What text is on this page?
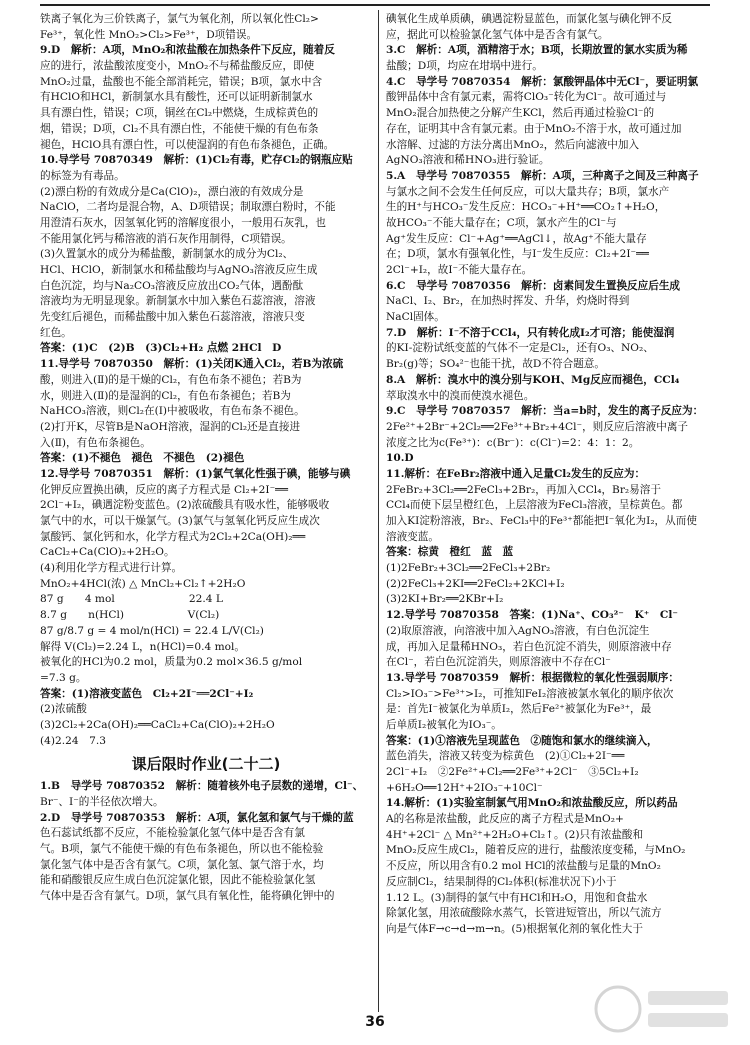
铁离子氧化为三价铁离子，氯气为氧化剂，所以氧化性Cl₂>
Fe³⁺，氧化性 MnO₂>Cl₂>Fe³⁺，D项错误。
9.D　解析：A项，MnO₂和浓盐酸在加热条件下反应，随着反
应的进行，浓盐酸浓度变小，MnO₂不与稀盐酸反应，即使
MnO₂过量，盐酸也不能全部消耗完，错误；B项，氯水中含
有HClO和HCl，新制氯水具有酸性，还可以证明新制氯水
具有漂白性，错误；C项，铜丝在Cl₂中燃烧，生成棕黄色的
烟，错误；D项，Cl₂不具有漂白性，不能使干燥的有色布条
褪色，HClO具有漂白性，可以使湿润的有色布条褪色，正确。
10.导学号 70870349　解析：(1)Cl₂有毒，贮存Cl₂的钢瓶应贴
的标签为有毒品。
(2)漂白粉的有效成分是Ca(ClO)₂，漂白液的有效成分是
NaClO，二者均是混合物，A、D项错误；制取漂白粉时，不能
用澄清石灰水，因氢氧化钙的溶解度很小，一般用石灰乳，也
不能用氯化钙与稀溶液的消石灰作用制得，C项错误。
(3)久置氯水的成分为稀盐酸，新制氯水的成分为Cl₂、
HCl、HClO，新制氯水和稀盐酸均与AgNO₃溶液反应生成
白色沉淀，均与Na₂CO₃溶液反应放出CO₂气体，遇酚酞
溶液均为无明显现象。新制氯水中加入紫色石蕊溶液，溶液
先变红后褪色，而稀盐酸中加入紫色石蕊溶液，溶液只变
红色。
答案：(1)C　(2)B　(3)Cl₂+H₂ 点燃 2HCl　D
11.导学号 70870350　解析：(1)关闭K通入Cl₂，若B为浓硫
酸，则进入(Ⅱ)的是干燥的Cl₂，有色布条不褪色；若B为
水，则进入(Ⅱ)的是湿润的Cl₂，有色布条褪色；若B为
NaHCO₃溶液，则Cl₂在(Ⅰ)中被吸收，有色布条不褪色。
(2)打开K，尽管B是NaOH溶液，湿润的Cl₂还是直接进
入(Ⅱ)，有色布条褪色。
答案：(1)不褪色　褪色　不褪色　(2)褪色
12.导学号 70870351　解析：(1)氯气氧化性强于碘，能够与碘
化钾反应置换出碘，反应的离子方程式是 Cl₂+2I⁻══
2Cl⁻+I₂，碘遇淀粉变蓝色。(2)浓硫酸具有吸水性，能够吸收
氯气中的水，可以干燥氯气。(3)氯气与氢氧化钙反应生成次
氯酸钙、氯化钙和水，化学方程式为2Cl₂+2Ca(OH)₂══
CaCl₂+Ca(ClO)₂+2H₂O。
(4)利用化学方程式进行计算。
MnO₂+4HCl(浓) △ MnCl₂+Cl₂↑+2H₂O
87 g　　4 mol　　　　　　　22.4 L
8.7 g　　n(HCl)　　　　　　V(Cl₂)
87 g/8.7 g = 4 mol/n(HCl) = 22.4 L/V(Cl₂)
解得 V(Cl₂)=2.24 L，n(HCl)=0.4 mol。
被氧化的HCl为0.2 mol，质量为0.2 mol×36.5 g/mol
=7.3 g。
答案：(1)溶液变蓝色　Cl₂+2I⁻══2Cl⁻+I₂
(2)浓硫酸
(3)2Cl₂+2Ca(OH)₂══CaCl₂+Ca(ClO)₂+2H₂O
(4)2.24　7.3
课后限时作业(二十二)
1.B　导学号 70870352　解析：随着核外电子层数的递增，Cl⁻、
Br⁻、I⁻的半径依次增大。
2.D　导学号 70870353　解析：A项，氯化氢和氯气与干燥的蓝
色石蕊试纸都不反应，不能检验氯化氢气体中是否含有氯
气。B项，氯气不能使干燥的有色布条褪色，所以也不能检验
氯化氢气体中是否含有氯气。C项，氯化氢、氯气溶于水，均
能和硝酸银反应生成白色沉淀氯化银，因此不能检验氯化氢
气体中是否含有氯气。D项，氯气具有氧化性，能将碘化钾中的
碘氧化生成单质碘，碘遇淀粉显蓝色，而氯化氢与碘化钾不反
应，据此可以检验氯化氢气体中是否含有氯气。
3.C　解析：A项，酒精溶于水；B项，长期放置的氯水实质为稀
盐酸；D项，均应在坩埚中进行。
4.C　导学号 70870354　解析：氯酸钾晶体中无Cl⁻，要证明氯
酸钾晶体中含有氯元素，需将ClO₃⁻转化为Cl⁻。故可通过与
MnO₂混合加热使之分解产生KCl，然后再通过检验Cl⁻的
存在，证明其中含有氯元素。由于MnO₂不溶于水，故可通过加
水溶解、过滤的方法分离出MnO₂，然后向滤液中加入
AgNO₃溶液和稀HNO₃进行验证。
5.A　导学号 70870355　解析：A项，三种离子之间及三种离子
与氯水之间不会发生任何反应，可以大量共存；B项，氯水产
生的H⁺与HCO₃⁻发生反应：HCO₃⁻+H⁺══CO₂↑+H₂O，
故HCO₃⁻不能大量存在；C项，氯水产生的Cl⁻与
Ag⁺发生反应：Cl⁻+Ag⁺══AgCl↓，故Ag⁺不能大量存
在；D项，氯水有强氧化性，与I⁻发生反应：Cl₂+2I⁻══
2Cl⁻+I₂，故I⁻不能大量存在。
6.C　导学号 70870356　解析：卤素间发生置换反应后生成
NaCl、I₂、Br₂，在加热时挥发、升华，灼烧时得到
NaCl固体。
7.D　解析：I⁻不溶于CCl₄，只有转化成I₂才可溶；能使湿润
的KI-淀粉试纸变蓝的气体不一定是Cl₂，还有O₃、NO₂、
Br₂(g)等；SO₄²⁻也能干扰，故D不符合题意。
8.A　解析：溴水中的溴分别与KOH、Mg反应而褪色，CCl₄
萃取溴水中的溴而使溴水褪色。
9.C　导学号 70870357　解析：当a=b时，发生的离子反应为：
2Fe²⁺+2Br⁻+2Cl₂══2Fe³⁺+Br₂+4Cl⁻，则反应后溶液中离子
浓度之比为c(Fe³⁺)：c(Br⁻)：c(Cl⁻)=2：4：1：2。
10.D
11.解析：在FeBr₂溶液中通入足量Cl₂发生的反应为：
2FeBr₂+3Cl₂══2FeCl₃+2Br₂，再加入CCl₄，Br₂易溶于
CCl₄而使下层呈橙红色，上层溶液为FeCl₃溶液，呈棕黄色。都
加入KI淀粉溶液，Br₂、FeCl₃中的Fe³⁺都能把I⁻氧化为I₂，从而使
溶液变蓝。
答案：棕黄　橙红　蓝　蓝
(1)2FeBr₂+3Cl₂══2FeCl₃+2Br₂
(2)2FeCl₃+2KI══2FeCl₂+2KCl+I₂
(3)2KI+Br₂══2KBr+I₂
12.导学号 70870358　答案：(1)Na⁺、CO₃²⁻　K⁺　Cl⁻
(2)取原溶液，向溶液中加入AgNO₃溶液，有白色沉淀生
成，再加入足量稀HNO₃，若白色沉淀不消失，则原溶液中存
在Cl⁻，若白色沉淀消失，则原溶液中不存在Cl⁻
13.导学号 70870359　解析：根据微粒的氧化性强弱顺序：
Cl₂>IO₃⁻>Fe³⁺>I₂，可推知FeI₂溶液被氯水氧化的顺序依次
是：首先I⁻被氯化为单质I₂，然后Fe²⁺被氯化为Fe³⁺，最
后单质I₂被氧化为IO₃⁻。
答案：(1)①溶液先呈现蓝色　②随饱和氯水的继续滴入，
蓝色消失，溶液又转变为棕黄色　(2)①Cl₂+2I⁻══
2Cl⁻+I₂　②2Fe²⁺+Cl₂══2Fe³⁺+2Cl⁻　③5Cl₂+I₂
+6H₂O══12H⁺+2IO₃⁻+10Cl⁻
14.解析：(1)实验室制氯气用MnO₂和浓盐酸反应，所以药品
A的名称是浓盐酸，此反应的离子方程式是MnO₂+
4H⁺+2Cl⁻ △ Mn²⁺+2H₂O+Cl₂↑。(2)只有浓盐酸和
MnO₂反应生成Cl₂，随着反应的进行，盐酸浓度变稀，与MnO₂
不反应，所以用含有0.2 mol HCl的浓盐酸与足量的MnO₂
反应制Cl₂，结果制得的Cl₂体积(标准状况下)小于
1.12 L。(3)制得的氯气中有HCl和H₂O，用饱和食盐水
除氯化氢，用浓硫酸除水蒸气，长管进短管出，所以气流方
向是气体F→c→d→m→n。(5)根据氧化剂的氧化性大于
36
